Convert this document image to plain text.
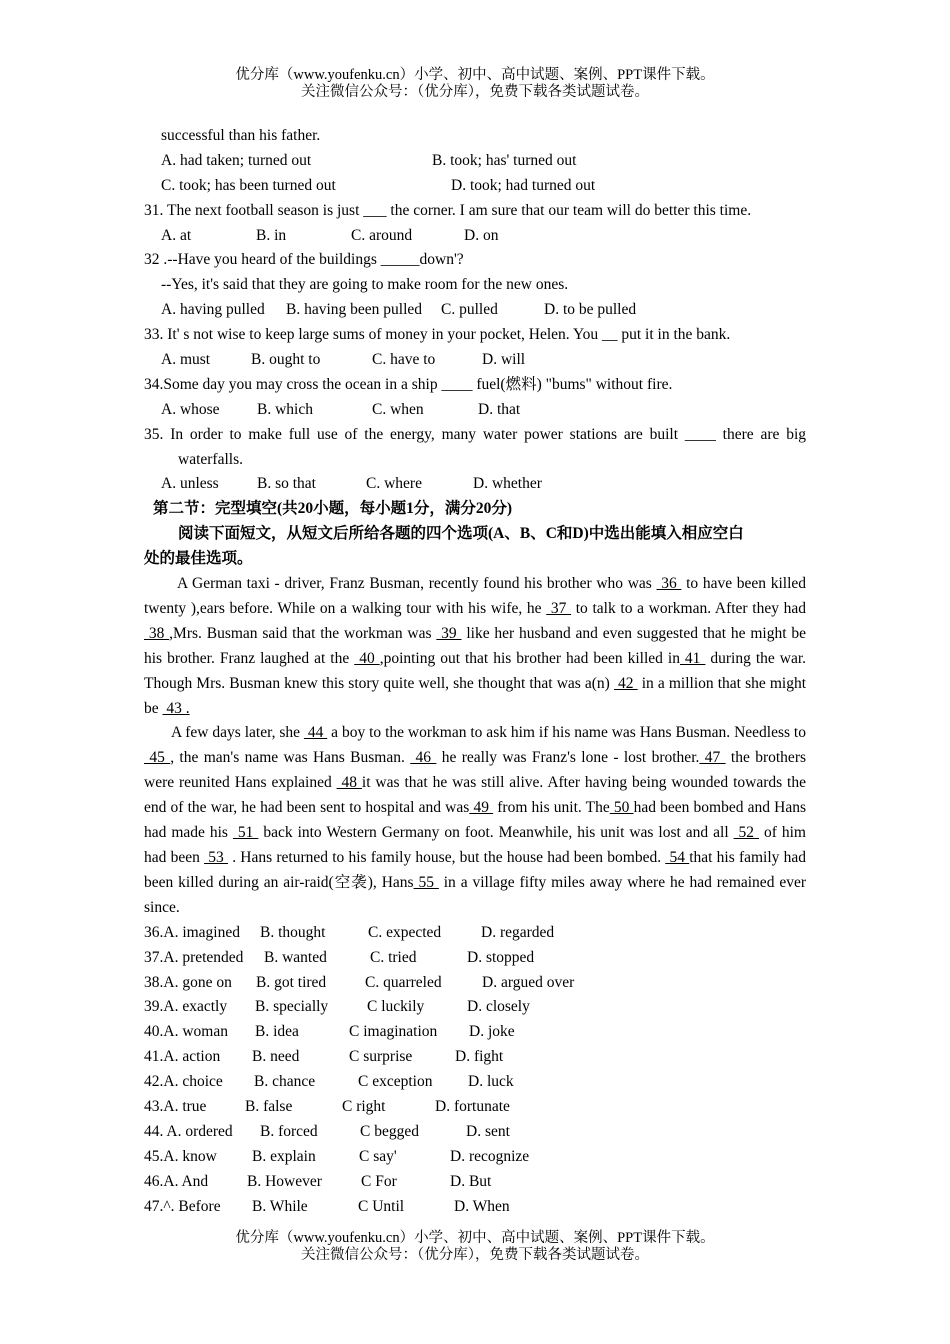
优分库（www.youfenku.cn）小学、初中、高中试题、案例、PPT课件下载。

关注微信公众号：（优分库），免费下载各类试题试卷。

successful than his father.
A. had taken; turned out	B. took; has' turned out
C. took; has been turned out	D. took; had turned out
31. The next football season is just ___ the corner. I am sure that our team will do better this time.
A. at	B. in	C. around	D. on
32 .--Have you heard of the buildings _____down'?
--Yes, it's said that they are going to make room for the new ones.
A. having pulled B. having been pulled C. pulled	D. to be pulled
33. It' s not wise to keep large sums of money in your pocket, Helen. You __ put it in the bank.
A. must	B. ought to	C. have to	D. will
34.Some day you may cross the ocean in a ship ____ fuel(燃料) "bums" without fire.
A. whose B. which	C. when	D. that
35. In order to make full use of the energy, many water power stations are built ____ there are big
waterfalls.
A. unless B. so that	C. where	D. whether
第二节：完型填空(共20小题，每小题1分，满分20分)
阅读下面短文，从短文后所给各题的四个选项(A、B、C和D)中选出能填入相应空白
处的最佳选项。

A German taxi - driver, Franz Busman, recently found his brother who was  36  to have been killed twenty ),ears before. While on a walking tour with his wife, he  37  to talk to a workman. After they had  38 ,Mrs. Busman said that the workman was  39  like her husband and even suggested that he might be his brother. Franz laughed at the  40 ,pointing out that his brother had been killed in 41  during the war. Though Mrs. Busman knew this story quite well, she thought that was a(n)  42  in a million that she might be  43 .

A few days later, she  44  a boy to the workman to ask him if his name was Hans Busman. Needless to  45 , the man's name was Hans Busman.  46  he really was Franz's lone - lost brother. 47  the brothers were reunited Hans explained  48 it was that he was still alive. After having being wounded towards the end of the war, he had been sent to hospital and was 49  from his unit. The 50 had been bombed and Hans had made his  51  back into Western Germany on foot. Meanwhile, his unit was lost and all  52  of him had been  53  . Hans returned to his family house, but the house had been bombed.  54 that his family had been killed during an air-raid(空袭), Hans 55  in a village fifty miles away where he had remained ever since.

36.A. imagined B. thought	C. expected	D. regarded
37.A. pretended B. wanted	C. tried	D. stopped
38.A. gone on B. got tired	C. quarreled	D. argued over
39.A. exactly B. specially	C luckily	D. closely
40.A. woman B. idea	C imagination D. joke
41.A. action B. need	C surprise	D. fight
42.A. choice B. chance	C exception D. luck
43.A. true B. false	C right	D. fortunate
44. A. ordered B. forced	C begged	D. sent
45.A. know B. explain	C say'	D. recognize
46.A. And	B. However	C For	D. But
47.^. Before B. While	C Until	D. When

优分库（www.youfenku.cn）小学、初中、高中试题、案例、PPT课件下载。

关注微信公众号：（优分库），免费下载各类试题试卷。
